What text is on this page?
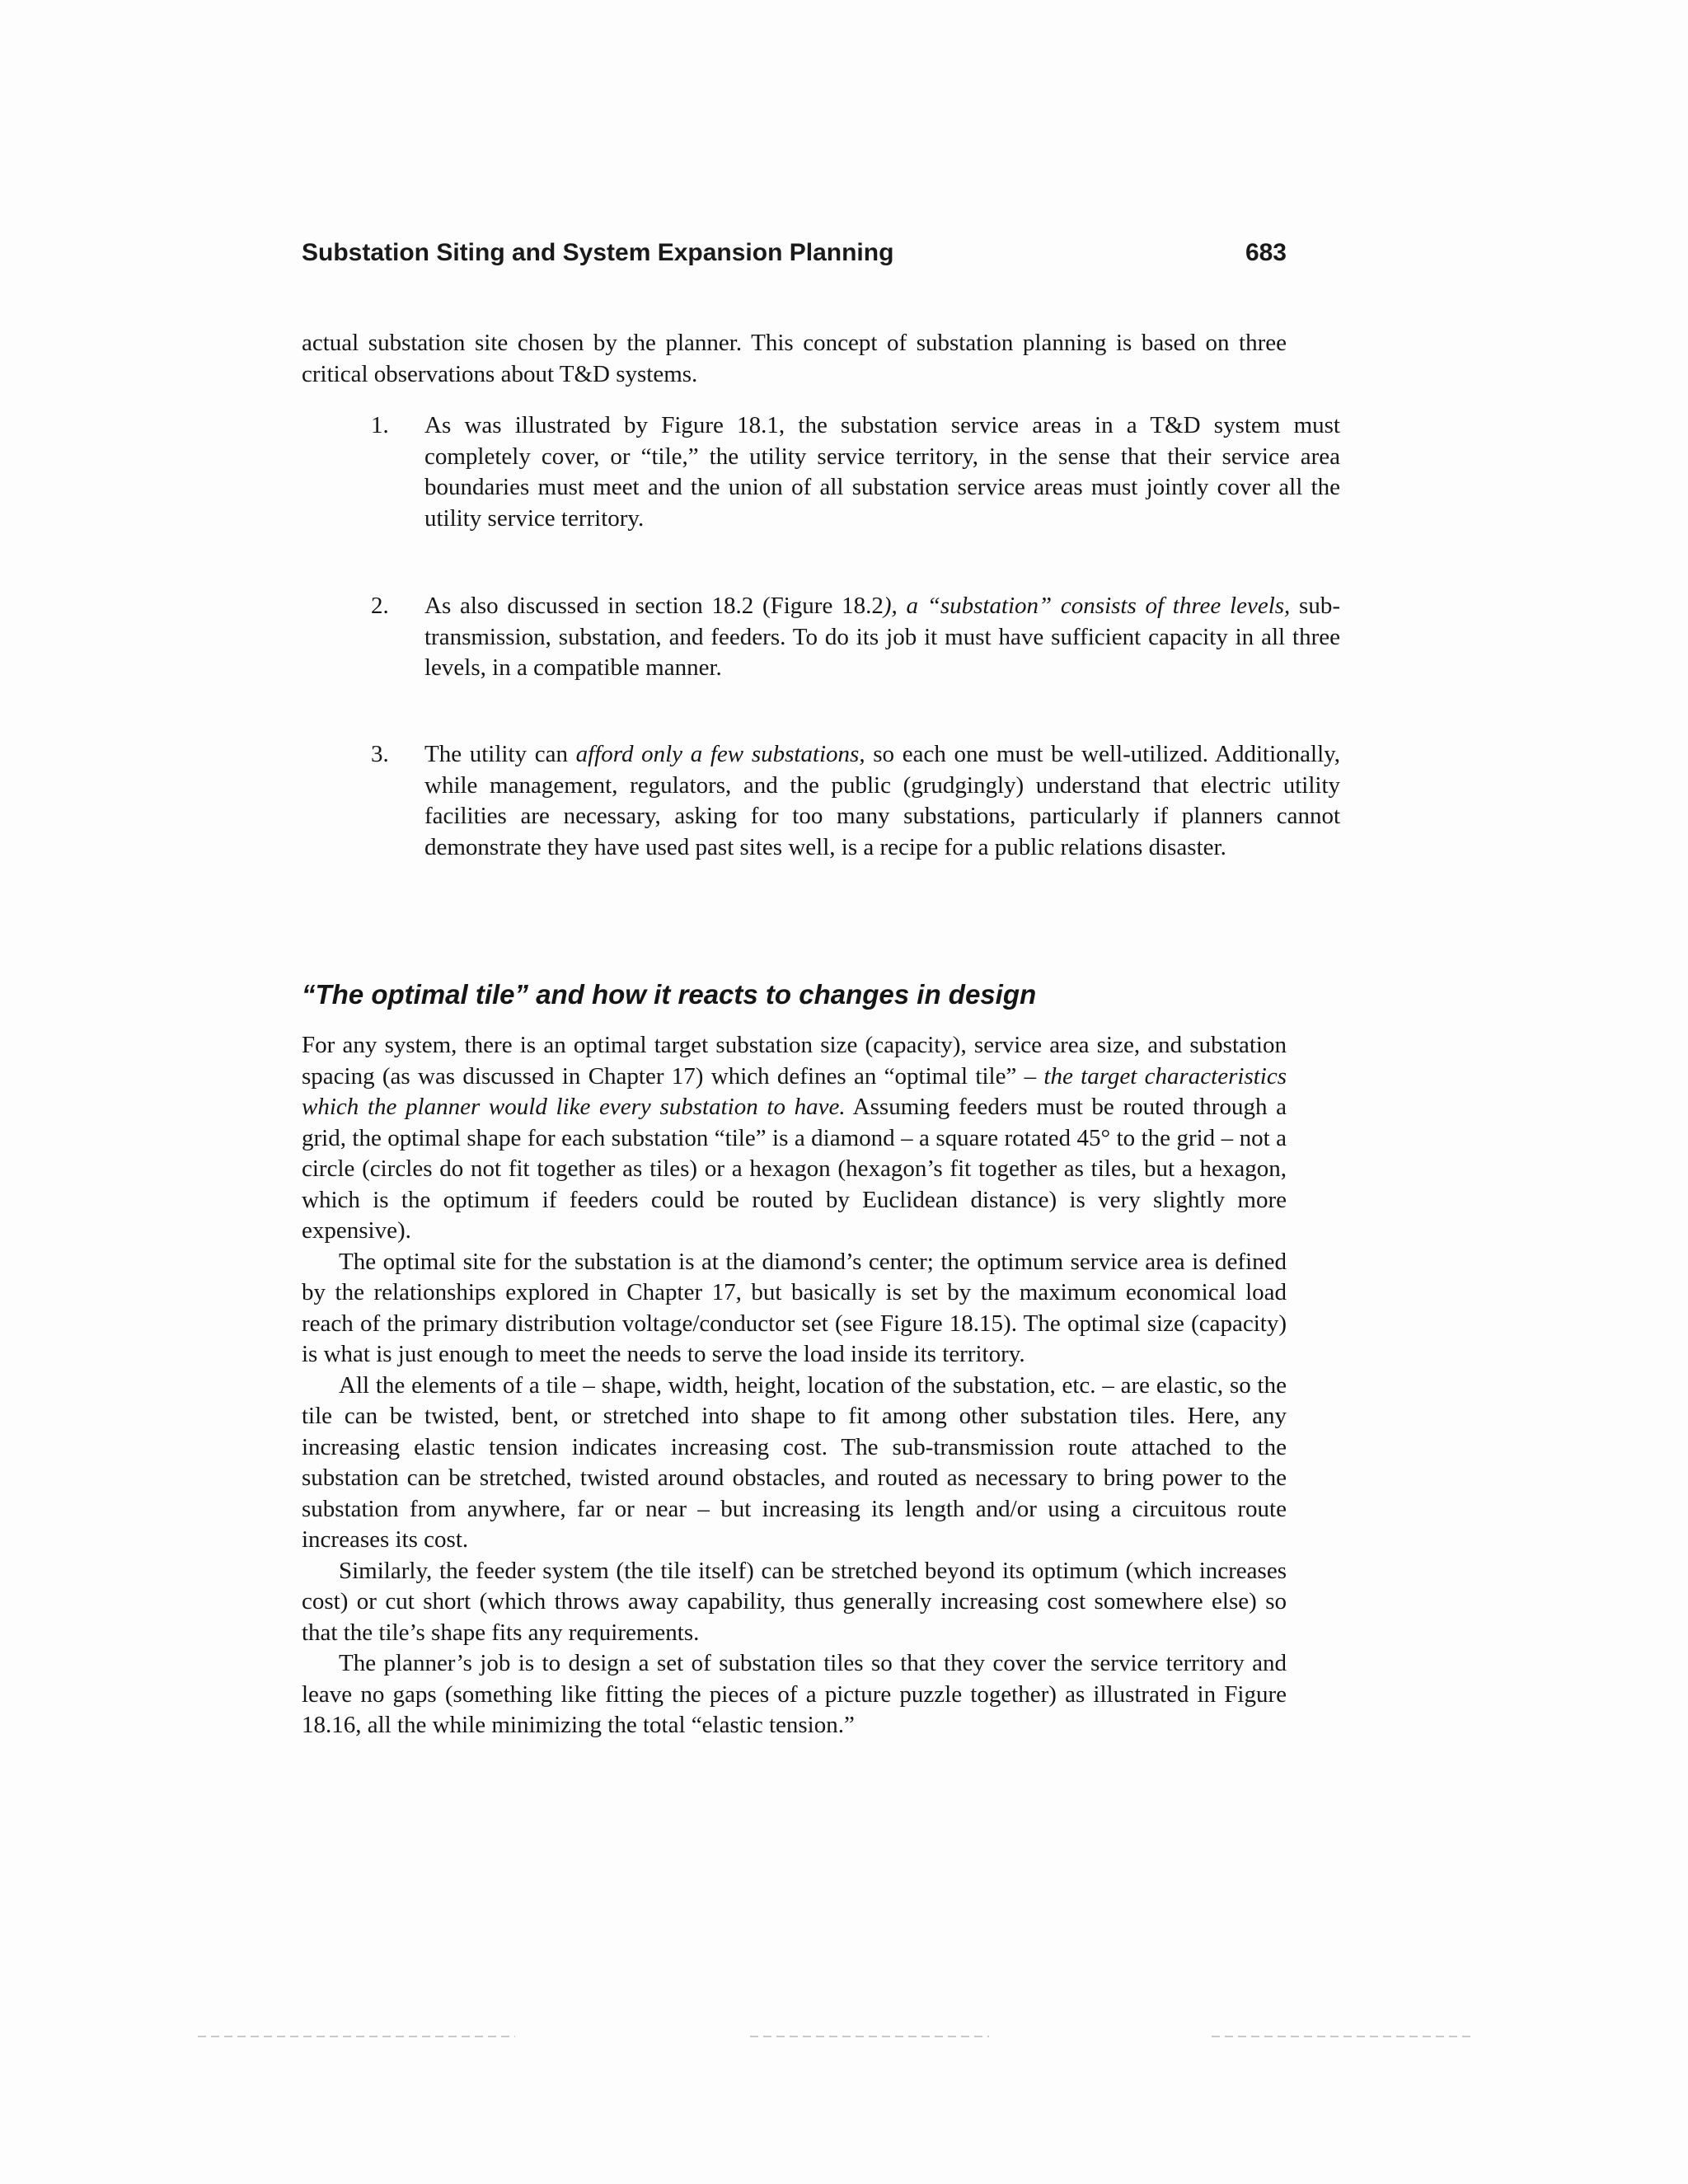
Substation Siting and System Expansion Planning	683

actual substation site chosen by the planner. This concept of substation planning is based on three critical observations about T&D systems.

1. As was illustrated by Figure 18.1, the substation service areas in a T&D system must completely cover, or “tile,” the utility service territory, in the sense that their service area boundaries must meet and the union of all substation service areas must jointly cover all the utility service territory.
2. As also discussed in section 18.2 (Figure 18.2), a “substation” consists of three levels, sub-transmission, substation, and feeders. To do its job it must have sufficient capacity in all three levels, in a compatible manner.
3. The utility can afford only a few substations, so each one must be well-utilized. Additionally, while management, regulators, and the public (grudgingly) understand that electric utility facilities are necessary, asking for too many substations, particularly if planners cannot demonstrate they have used past sites well, is a recipe for a public relations disaster.
“The optimal tile” and how it reacts to changes in design

For any system, there is an optimal target substation size (capacity), service area size, and substation spacing (as was discussed in Chapter 17) which defines an “optimal tile” – the target characteristics which the planner would like every substation to have. Assuming feeders must be routed through a grid, the optimal shape for each substation “tile” is a diamond – a square rotated 45° to the grid – not a circle (circles do not fit together as tiles) or a hexagon (hexagon’s fit together as tiles, but a hexagon, which is the optimum if feeders could be routed by Euclidean distance) is very slightly more expensive).

The optimal site for the substation is at the diamond’s center; the optimum service area is defined by the relationships explored in Chapter 17, but basically is set by the maximum economical load reach of the primary distribution voltage/conductor set (see Figure 18.15). The optimal size (capacity) is what is just enough to meet the needs to serve the load inside its territory.

All the elements of a tile – shape, width, height, location of the substation, etc. – are elastic, so the tile can be twisted, bent, or stretched into shape to fit among other substation tiles. Here, any increasing elastic tension indicates increasing cost. The sub-transmission route attached to the substation can be stretched, twisted around obstacles, and routed as necessary to bring power to the substation from anywhere, far or near – but increasing its length and/or using a circuitous route increases its cost.

Similarly, the feeder system (the tile itself) can be stretched beyond its optimum (which increases cost) or cut short (which throws away capability, thus generally increasing cost somewhere else) so that the tile’s shape fits any requirements.

The planner’s job is to design a set of substation tiles so that they cover the service territory and leave no gaps (something like fitting the pieces of a picture puzzle together) as illustrated in Figure 18.16, all the while minimizing the total “elastic tension.”
